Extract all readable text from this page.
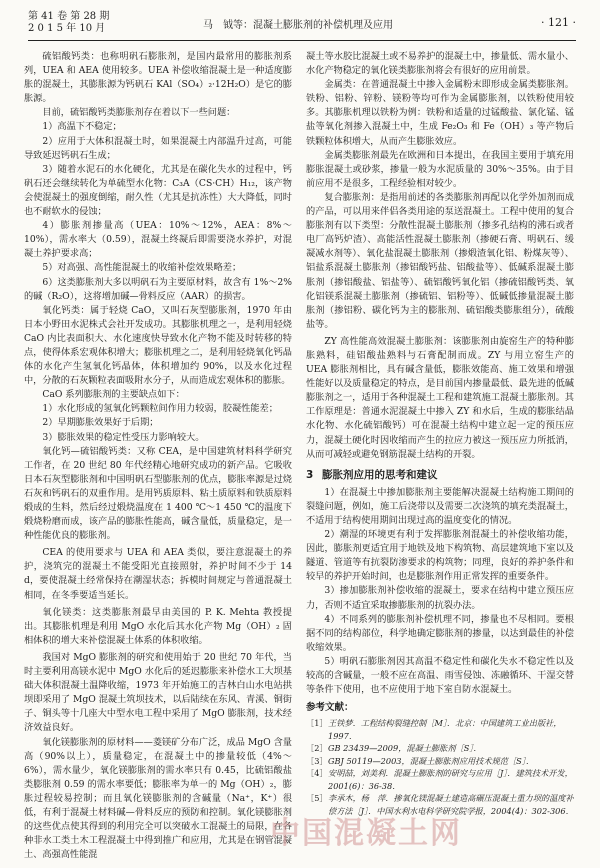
第 41 卷 第 28 期
2 0 1 5 年 10 月	马　钺等：混凝土膨胀剂的补偿机理及应用	· 121 ·

硫铝酸钙类：也称明矾石膨胀剂，是国内最常用的膨胀剂系列，UEA 和 AEA 使用较多。UEA 补偿收缩混凝土是一种适度膨胀的混凝土，其膨胀源为钙矾石 KAl（SO₄）₂·12H₂O）是它的膨胀源。

目前，硫铝酸钙类膨胀剂存在着以下一些问题：

1）高温下不稳定；

2）应用于大体积混凝土时，如果混凝土内部温升过高，可能导致延迟钙矾石生成；

3）随着水泥石的水化硬化，尤其是在碳化失水的过程中，钙矾石还会继续转化为单硫型水化物：C₃A（CS·CH）H₁₂，该产物会使混凝土的强度倒缩，耐久性（尤其是抗冻性）大大降低，同时也不耐软水的侵蚀；

4）膨胀剂掺量高（UEA：10%～12%，AEA：8%～10%），需水率大（0.59），混凝土终凝后即需要浇水养护，对混凝土养护要求高；

5）对高强、高性能混凝土的收缩补偿效果略差；

6）这类膨胀剂大多以明矾石为主要原材料，故含有 1%～2%的碱（R₂O），这将增加碱—骨料反应（AAR）的损害。

氧化钙类：属于轻烧 CaO，又叫石灰型膨胀剂，1970 年由日本小野田水泥株式会社开发成功。其膨胀机理之一，是利用轻烧 CaO 内比表面积大、水化速度快导致水化产物不能及时转移的特点，使得体系宏观体积增大；膨胀机理之二，是利用轻烧氧化钙晶体的水化产生氢氧化钙晶体，体积增加约 90%，以及水化过程中，分散的石灰颗粒表面吸附水分子，从而造成宏观体积的膨胀。

CaO 系列膨胀剂的主要缺点如下：

1）水化形成的氢氧化钙颗粒间作用力较弱，胶凝性能差；

2）早期膨胀效果好于后期；

3）膨胀效果的稳定性受压力影响较大。

氧化钙—硫铝酸钙类：又称 CEA，是中国建筑材料科学研究工作者，在 20 世纪 80 年代经精心地研究成功的新产品。它吸收日本石灰型膨胀剂和中国明矾石型膨胀剂的优点，膨胀率源是过烧石灰和钙矾石的双重作用。是用钙质原料、粘土质原料和铁质原料煅成的生料，然后经过煅烧温度在 1 400 ℃～1 450 ℃的温度下煅烧粉磨而成，该产品的膨胀性能高，碱含量低，质量稳定，是一种性能优良的膨胀剂。

CEA 的使用要求与 UEA 和 AEA 类似，要注意混凝土的养护，浇筑完的混凝土不能受阳光直接照射，养护时间不少于 14 d，要使混凝土经常保持在潮湿状态；拆模时间规定与普通混凝土相同，在冬季要适当延长。

氧化镁类：这类膨胀剂最早由美国的 P. K. Mehta 教授提出。其膨胀机理是利用 MgO 水化后其水化产物 Mg（OH）₂ 固相体积的增大来补偿混凝土体系的体积收缩。

我国对 MgO 膨胀剂的研究和使用始于 20 世纪 70 年代，当时主要利用高镁水泥中 MgO 水化后的延迟膨胀来补偿水工大坝基础大体积混凝土温降收缩，1973 年开始施工的吉林白山水电站拱坝即采用了 MgO 混凝土筑坝技术，以后陆续在东风、青溪、铜街子、铜头等十几座大中型水电工程中采用了 MgO 膨胀剂，技术经济效益良好。

氧化镁膨胀剂的原材料——菱镁矿分布广泛，成品 MgO 含量高（90%以上），质量稳定，在混凝土中的掺量较低（4%～6%），需水量少，氧化镁膨胀剂的需水率只有 0.45，比硫铝酸盐类膨胀剂 0.59 的需水率要低；膨胀率为单一的 Mg（OH）₂，膨胀过程较易控制；而且氧化镁膨胀剂的含碱量（Na⁺，K⁺）很低，有利于混凝土材料碱—骨料反应的预防和控制。氧化镁膨胀剂的这些优点使其得到的利用完全可以突破水工混凝土的局限，在各种非水工类土木工程混凝土中得到推广和应用，尤其是在钢管混凝土、高强高性能混

凝土等水胶比混凝土或不易养护的混凝土中，掺量低、需水量小、水化产物稳定的氧化镁类膨胀剂将会有很好的应用前景。

金属类：在普通混凝土中掺入金属粉末即形成金属类膨胀剂。铁粉、铝粉、锌粉、镁粉等均可作为金属膨胀剂，以铁粉使用较多。其膨胀机理以铁粉为例：铁粉和适量的过锰酸盐、氯化锰、锰盐等氧化剂掺入混凝土中，生成 Fe₂O₃ 和 Fe（OH）₃ 等产物后铁颗粒体积增大，从而产生膨胀效应。

金属类膨胀剂最先在欧洲和日本提出，在我国主要用于填充用膨胀混凝土或砂浆，掺量一般为水泥质量的 30%～35%。由于目前应用不是很多，工程经验相对较少。

复合膨胀剂：是指用前述的各类膨胀剂再配以化学外加剂而成的产品，可以用来伴侣各类用途的泵送混凝土。工程中使用的复合膨胀剂有以下类型：分散性混凝土膨胀剂（掺多孔结构的沸石或者电厂高钙炉渣）、高能活性混凝土膨胀剂（掺硬石膏、明矾石、缓凝减水剂等）、氧化盐混凝土膨胀剂（掺煅渣氧化铝、粉煤灰等）、铝盐系混凝土膨胀剂（掺铝酸钙盐、铝酸盐等）、低碱系混凝土膨胀剂（掺铝酸盐、铝盐等）、硫铝酸钙氧化铝（掺硫铝酸钙类、氧化铝镁系混凝土膨胀剂（掺硫铝、铝粉等）、低碱低掺量混凝土膨胀剂（掺铝粉、碳化钙为主的膨胀剂、硫铝酸类膨胀组分），硫酸盐等。

ZY 高性能高效混凝土膨胀剂：该膨胀剂由旋窑生产的特种膨胀熟料，硅铝酸盐熟料与石膏配制而成。ZY 与用立窑生产的 UEA 膨胀剂相比，具有碱含量低，膨胀效能高、施工效果和增强性能好以及质量稳定的特点，是目前国内掺量最低、最先进的低碱膨胀剂之一，适用于各种混凝土工程和建筑施工混凝土膨胀剂。其工作原理是：普通水泥混凝土中掺入 ZY 和水后，生成的膨胀结晶水化物、水化硫铝酸钙）可在混凝土结构中建立起一定的预压应力，混凝土硬化时因收缩而产生的拉应力被这一预压应力所抵消，从而可减轻或避免钢筋混凝土结构的开裂。

3 膨胀剂应用的思考和建议

1）在混凝土中掺加膨胀剂主要能解决混凝土结构施工期间的裂缝问题，例如，施工后浇带以及需要二次浇筑的填充类混凝土，不适用于结构使用期间出现过高的温度变化的情况。

2）潮湿的环境更有利于发挥膨胀剂混凝土的补偿收缩功能，因此，膨胀剂更适宜用于地铁及地下构筑物、高层建筑地下室以及隧道、管道等有抗裂防渗要求的构筑物；同理，良好的养护条件和较早的养护开始时间，也是膨胀剂作用正常发挥的重要条件。

3）掺加膨胀剂补偿收缩的混凝土，要求在结构中建立预压应力，否则不适宜采取掺膨胀剂的抗裂办法。

4）不同系列的膨胀剂补偿机理不同，掺量也不尽相同。要根据不同的结构部位，科学地确定膨胀剂的掺量，以达到最佳的补偿收缩效果。

5）明矾石膨胀剂因其高温不稳定性和碳化失水不稳定性以及较高的含碱量，一般不应在高温、雨雪侵蚀、冻融循环、干湿交替等条件下使用，也不应使用于地下室自防水混凝土。

参考文献：
［1］ 王铁梦．工程结构裂缝控制［M］．北京：中国建筑工业出版社，1997．
［2］ GB 23439—2009，混凝土膨胀剂［S］．
［3］ GBJ 50119—2003，混凝土膨胀剂应用技术规范［S］．
［4］ 安明喆，刘美利．混凝土膨胀剂的研究与应用［J］．建筑技术开发，2001(6)：36-38．
［5］ 李承木，杨　萍．掺氧化镁混凝土建造高碾压混凝土重力坝的温度补偿方法［J］．中国水利水电科学研究院学报，2004(4)：302-306．
中国混凝土网
